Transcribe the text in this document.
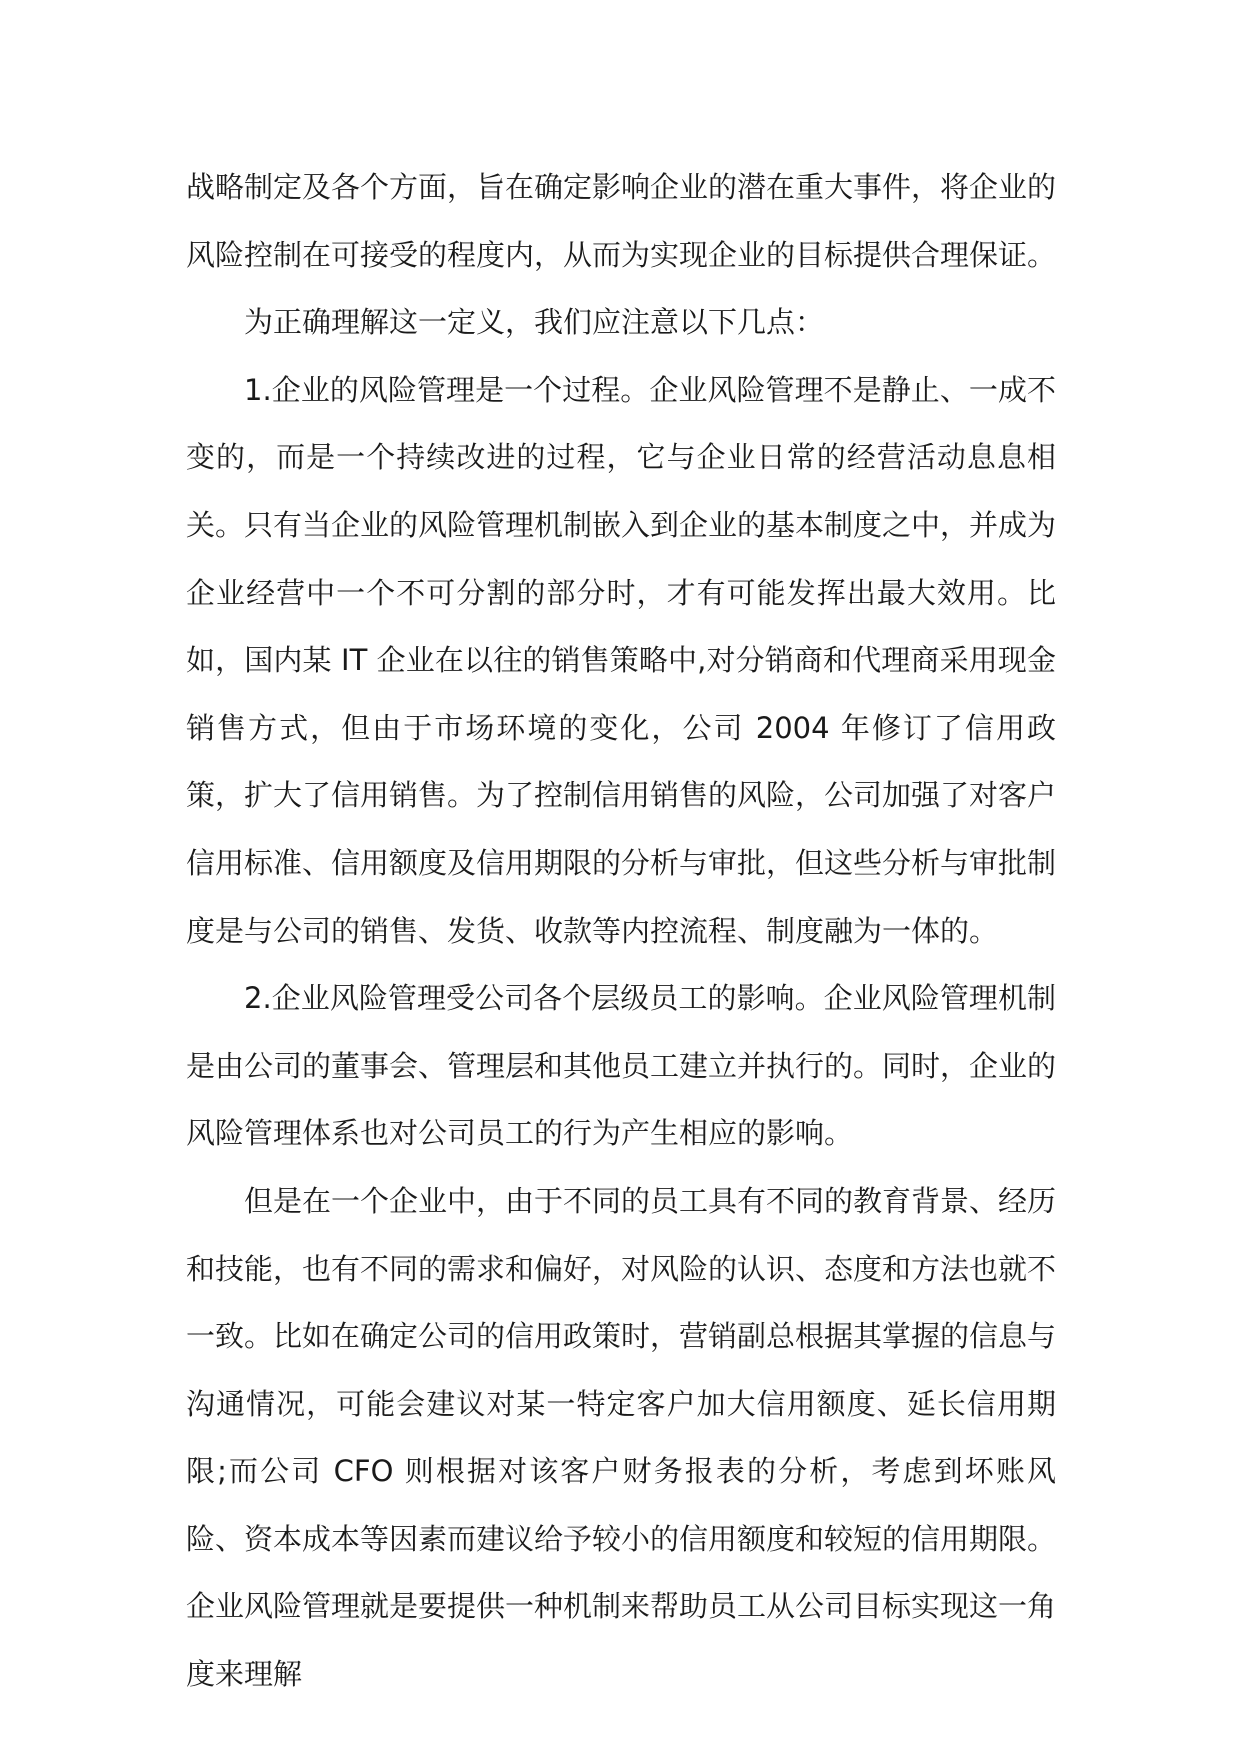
战略制定及各个方面，旨在确定影响企业的潜在重大事件，将企业的风险控制在可接受的程度内，从而为实现企业的目标提供合理保证。

为正确理解这一定义，我们应注意以下几点：

1.企业的风险管理是一个过程。企业风险管理不是静止、一成不变的，而是一个持续改进的过程，它与企业日常的经营活动息息相关。只有当企业的风险管理机制嵌入到企业的基本制度之中，并成为企业经营中一个不可分割的部分时，才有可能发挥出最大效用。比如，国内某 IT 企业在以往的销售策略中,对分销商和代理商采用现金销售方式，但由于市场环境的变化，公司 2004 年修订了信用政策，扩大了信用销售。为了控制信用销售的风险，公司加强了对客户信用标准、信用额度及信用期限的分析与审批，但这些分析与审批制度是与公司的销售、发货、收款等内控流程、制度融为一体的。

2.企业风险管理受公司各个层级员工的影响。企业风险管理机制是由公司的董事会、管理层和其他员工建立并执行的。同时，企业的风险管理体系也对公司员工的行为产生相应的影响。

但是在一个企业中，由于不同的员工具有不同的教育背景、经历和技能，也有不同的需求和偏好，对风险的认识、态度和方法也就不一致。比如在确定公司的信用政策时，营销副总根据其掌握的信息与沟通情况，可能会建议对某一特定客户加大信用额度、延长信用期限;而公司 CFO 则根据对该客户财务报表的分析，考虑到坏账风险、资本成本等因素而建议给予较小的信用额度和较短的信用期限。企业风险管理就是要提供一种机制来帮助员工从公司目标实现这一角度来理解
